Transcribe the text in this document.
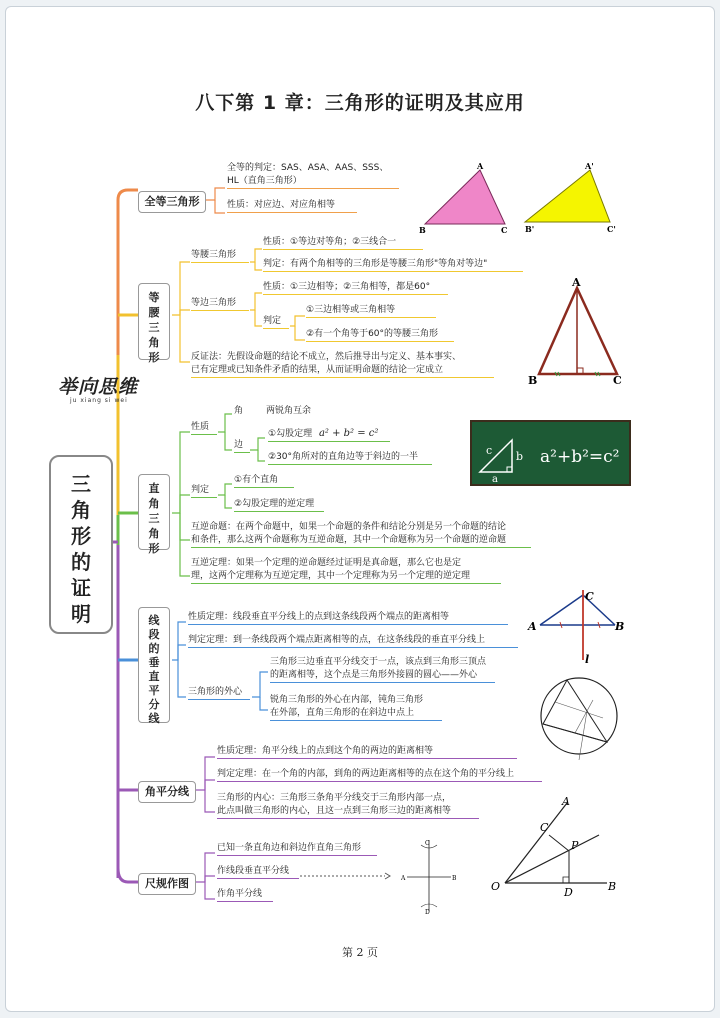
八下第 1 章：三角形的证明及其应用
三角形的证明
举向思维
ju xiang si wei
全等三角形
全等的判定：SAS、ASA、AAS、SSS、
HL（直角三角形）
性质：对应边、对应角相等
A
B	C
A'
B'	C'
等腰三角形
等腰三角形
性质：①等边对等角；②三线合一
判定：有两个角相等的三角形是等腰三角形"等角对等边"
等边三角形
性质：①三边相等；②三角相等，都是60°
判定
①三边相等或三角相等
②有一个角等于60°的等腰三角形
反证法：先假设命题的结论不成立，然后推导出与定义、基本事实、
已有定理或已知条件矛盾的结果，从而证明命题的结论一定成立
A
B	C
直角三角形
性质
角	两锐角互余
边
①勾股定理 a² + b² = c²
②30°角所对的直角边等于斜边的一半
判定
①有个直角
②勾股定理的逆定理
互逆命题：在两个命题中，如果一个命题的条件和结论分别是另一个命题的结论
和条件，那么这两个命题称为互逆命题，其中一个命题称为另一个命题的逆命题
互逆定理：如果一个定理的逆命题经过证明是真命题，那么它也是定
理，这两个定理称为互逆定理，其中一个定理称为另一个定理的逆定理
c b
a
a²+b²=c²
线段的垂直平分线
性质定理：线段垂直平分线上的点到这条线段两个端点的距离相等
判定定理：到一条线段两个端点距离相等的点，在这条线段的垂直平分线上
三角形的外心
三角形三边垂直平分线交于一点，该点到三角形三顶点
的距离相等，这个点是三角形外接圆的圆心——外心
锐角三角形的外心在内部，钝角三角形
在外部，直角三角形的在斜边中点上
A	B
C
l
角平分线
性质定理：角平分线上的点到这个角的两边的距离相等
判定定理：在一个角的内部，到角的两边距离相等的点在这个角的平分线上
三角形的内心：三角形三条角平分线交于三角形内部一点，
此点叫做三角形的内心，且这一点到三角形三边的距离相等
A
C
P
O	D	B
尺规作图
已知一条直角边和斜边作直角三角形
作线段垂直平分线
作角平分线
C
A	B
D
第 2 页
